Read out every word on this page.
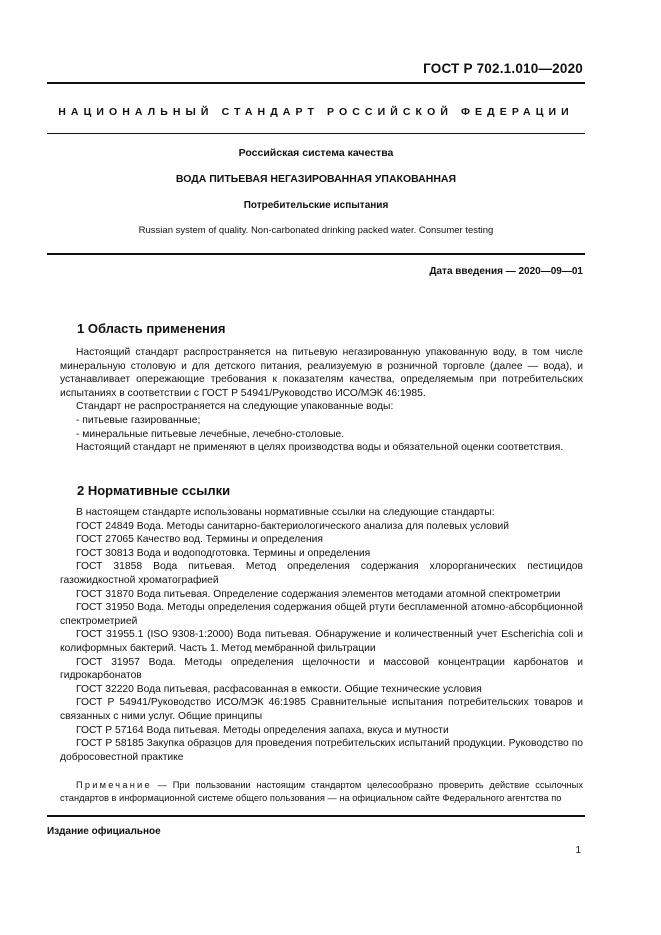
ГОСТ Р 702.1.010—2020
НАЦИОНАЛЬНЫЙ СТАНДАРТ РОССИЙСКОЙ ФЕДЕРАЦИИ
Российская система качества
ВОДА ПИТЬЕВАЯ НЕГАЗИРОВАННАЯ УПАКОВАННАЯ
Потребительские испытания
Russian system of quality. Non-carbonated drinking packed water. Consumer testing
Дата введения — 2020—09—01
1 Область применения

Настоящий стандарт распространяется на питьевую негазированную упакованную воду, в том числе минеральную столовую и для детского питания, реализуемую в розничной торговле (далее — вода), и устанавливает опережающие требования к показателям качества, определяемым при потребительских испытаниях в соответствии с ГОСТ Р 54941/Руководство ИСО/МЭК 46:1985.

Стандарт не распространяется на следующие упакованные воды:

- питьевые газированные;

- минеральные питьевые лечебные, лечебно-столовые.

Настоящий стандарт не применяют в целях производства воды и обязательной оценки соответствия.

2 Нормативные ссылки

В настоящем стандарте использованы нормативные ссылки на следующие стандарты:

ГОСТ 24849 Вода. Методы санитарно-бактериологического анализа для полевых условий

ГОСТ 27065 Качество вод. Термины и определения

ГОСТ 30813 Вода и водоподготовка. Термины и определения

ГОСТ 31858 Вода питьевая. Метод определения содержания хлорорганических пестицидов газожидкостной хроматографией

ГОСТ 31870 Вода питьевая. Определение содержания элементов методами атомной спектрометрии

ГОСТ 31950 Вода. Методы определения содержания общей ртути беспламенной атомно-абсорбционной спектрометрией

ГОСТ 31955.1 (ISO 9308-1:2000) Вода питьевая. Обнаружение и количественный учет Escherichia coli и колиформных бактерий. Часть 1. Метод мембранной фильтрации

ГОСТ 31957 Вода. Методы определения щелочности и массовой концентрации карбонатов и гидрокарбонатов

ГОСТ 32220 Вода питьевая, расфасованная в емкости. Общие технические условия

ГОСТ Р 54941/Руководство ИСО/МЭК 46:1985 Сравнительные испытания потребительских товаров и связанных с ними услуг. Общие принципы

ГОСТ Р 57164 Вода питьевая. Методы определения запаха, вкуса и мутности

ГОСТ Р 58185 Закупка образцов для проведения потребительских испытаний продукции. Руководство по добросовестной практике

Примечание — При пользовании настоящим стандартом целесообразно проверить действие ссылочных стандартов в информационной системе общего пользования — на официальном сайте Федерального агентства по

Издание официальное
1
